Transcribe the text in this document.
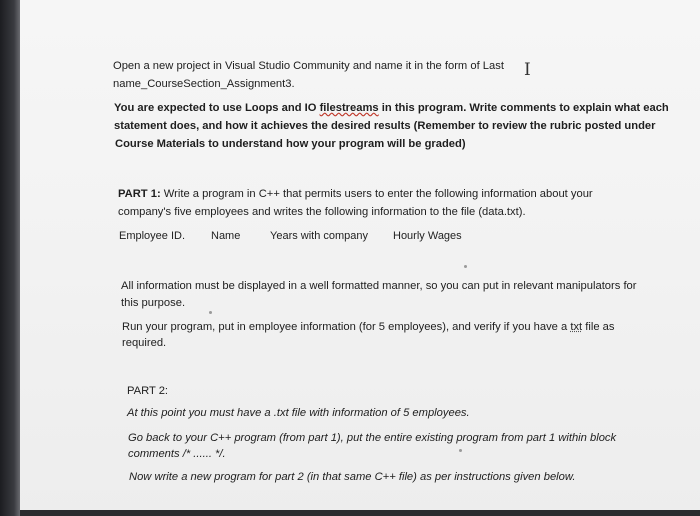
I
Open a new project in Visual Studio Community and name it in the form of Last
name_CourseSection_Assignment3.
You are expected to use Loops and IO filestreams in this program. Write comments to explain what each
statement does, and how it achieves the desired results (Remember to review the rubric posted under
Course Materials to understand how your program will be graded)
PART 1: Write a program in C++ that permits users to enter the following information about your
company's five employees and writes the following information to the file (data.txt).
Employee ID. Name	Years with company Hourly Wages
All information must be displayed in a well formatted manner, so you can put in relevant manipulators for
this purpose.
Run your program, put in employee information (for 5 employees), and verify if you have a txt file as
required.
PART 2:
At this point you must have a .txt file with information of 5 employees.
Go back to your C++ program (from part 1), put the entire existing program from part 1 within block
comments /* ...... */.
Now write a new program for part 2 (in that same C++ file) as per instructions given below.
